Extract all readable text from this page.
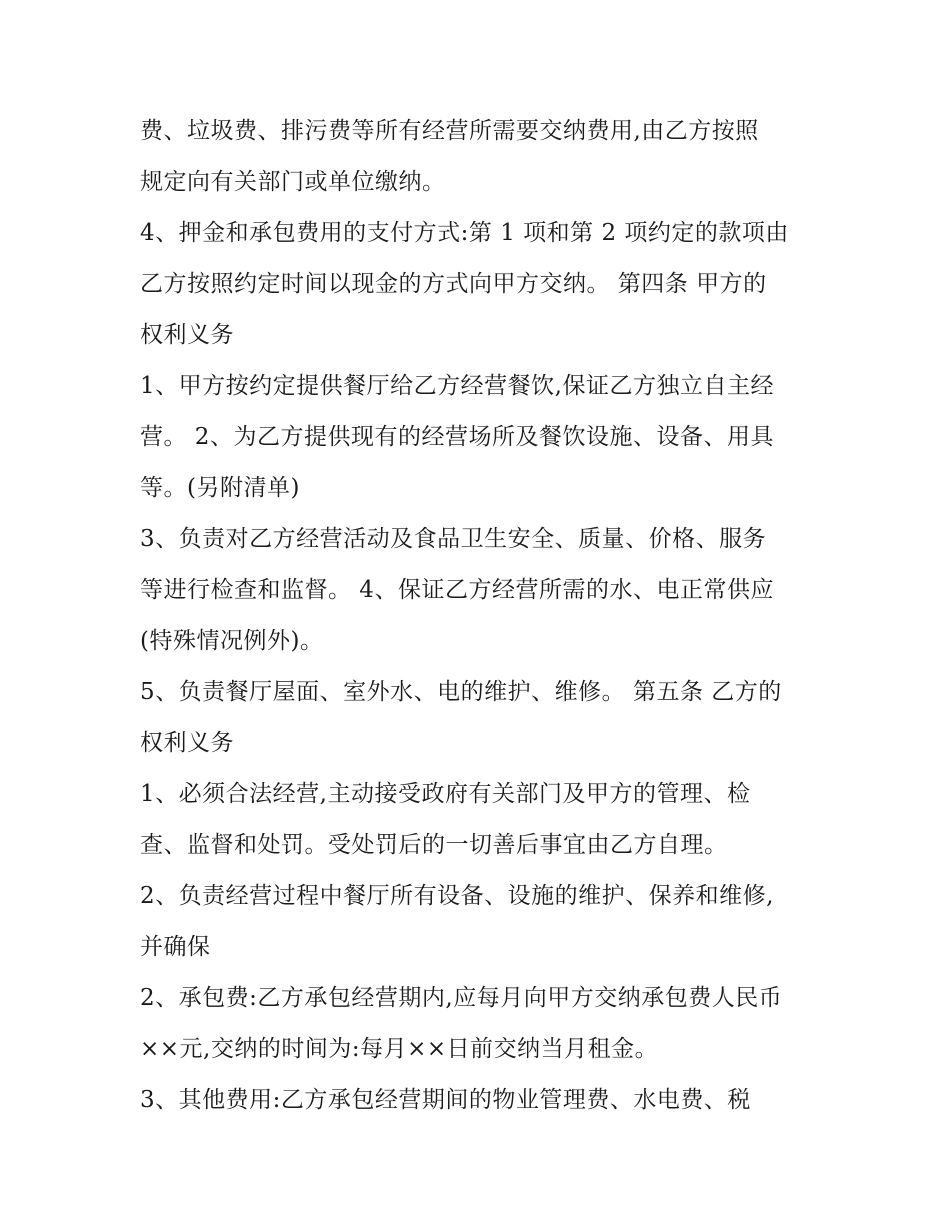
费、垃圾费、排污费等所有经营所需要交纳费用,由乙方按照
规定向有关部门或单位缴纳。
4、押金和承包费用的支付方式:第 1 项和第 2 项约定的款项由
乙方按照约定时间以现金的方式向甲方交纳。 第四条 甲方的
权利义务
1、甲方按约定提供餐厅给乙方经营餐饮,保证乙方独立自主经
营。 2、为乙方提供现有的经营场所及餐饮设施、设备、用具
等。(另附清单)
3、负责对乙方经营活动及食品卫生安全、质量、价格、服务
等进行检查和监督。 4、保证乙方经营所需的水、电正常供应
(特殊情况例外)。
5、负责餐厅屋面、室外水、电的维护、维修。 第五条 乙方的
权利义务
1、必须合法经营,主动接受政府有关部门及甲方的管理、检
查、监督和处罚。受处罚后的一切善后事宜由乙方自理。
2、负责经营过程中餐厅所有设备、设施的维护、保养和维修,
并确保
2、承包费:乙方承包经营期内,应每月向甲方交纳承包费人民币
××元,交纳的时间为:每月××日前交纳当月租金。
3、其他费用:乙方承包经营期间的物业管理费、水电费、税
